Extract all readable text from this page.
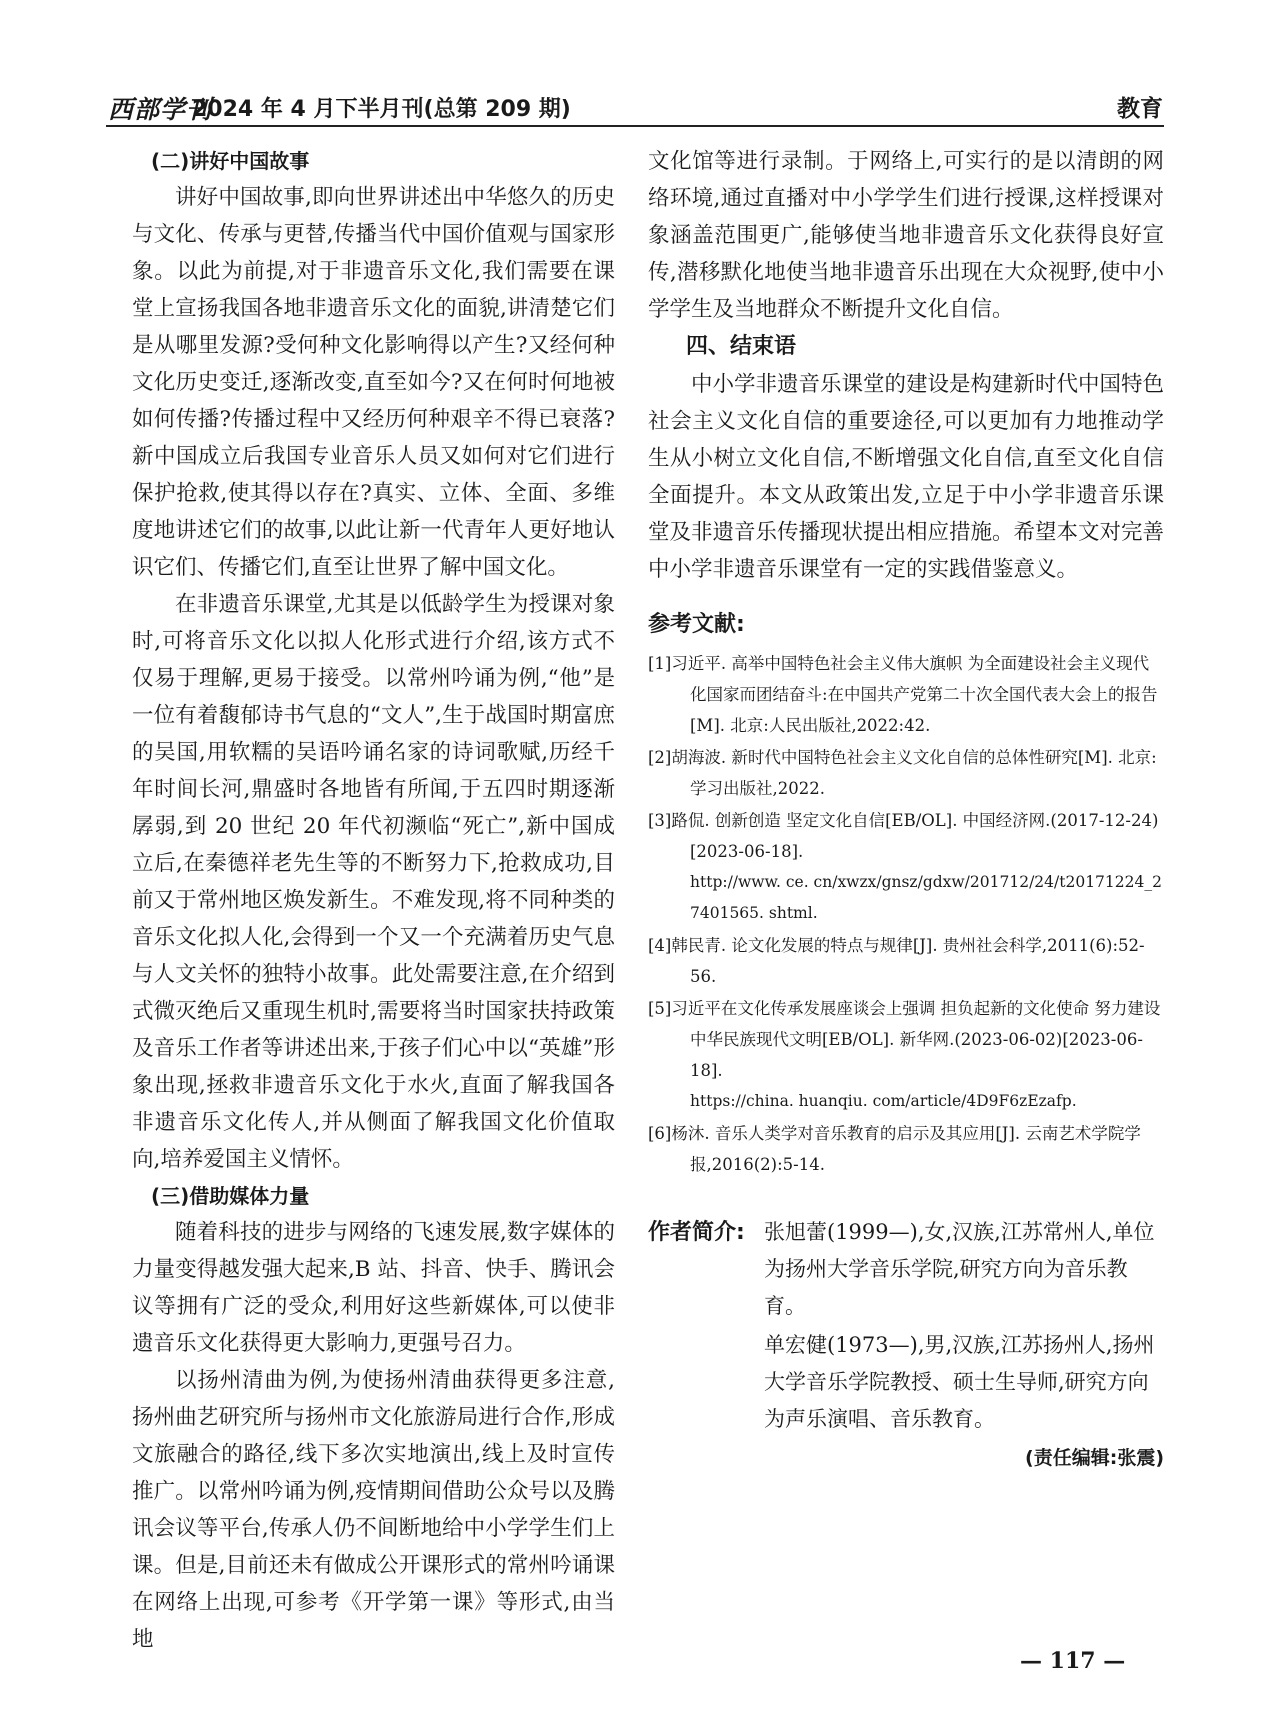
西部学刊
2024 年 4 月下半月刊(总第 209 期)	教育
(二)讲好中国故事

讲好中国故事,即向世界讲述出中华悠久的历史与文化、传承与更替,传播当代中国价值观与国家形象。以此为前提,对于非遗音乐文化,我们需要在课堂上宣扬我国各地非遗音乐文化的面貌,讲清楚它们是从哪里发源?受何种文化影响得以产生?又经何种文化历史变迁,逐渐改变,直至如今?又在何时何地被如何传播?传播过程中又经历何种艰辛不得已衰落?新中国成立后我国专业音乐人员又如何对它们进行保护抢救,使其得以存在?真实、立体、全面、多维度地讲述它们的故事,以此让新一代青年人更好地认识它们、传播它们,直至让世界了解中国文化。

在非遗音乐课堂,尤其是以低龄学生为授课对象时,可将音乐文化以拟人化形式进行介绍,该方式不仅易于理解,更易于接受。以常州吟诵为例,“他”是一位有着馥郁诗书气息的“文人”,生于战国时期富庶的吴国,用软糯的吴语吟诵名家的诗词歌赋,历经千年时间长河,鼎盛时各地皆有所闻,于五四时期逐渐孱弱,到 20 世纪 20 年代初濒临“死亡”,新中国成立后,在秦德祥老先生等的不断努力下,抢救成功,目前又于常州地区焕发新生。不难发现,将不同种类的音乐文化拟人化,会得到一个又一个充满着历史气息与人文关怀的独特小故事。此处需要注意,在介绍到式微灭绝后又重现生机时,需要将当时国家扶持政策及音乐工作者等讲述出来,于孩子们心中以“英雄”形象出现,拯救非遗音乐文化于水火,直面了解我国各非遗音乐文化传人,并从侧面了解我国文化价值取向,培养爱国主义情怀。

(三)借助媒体力量

随着科技的进步与网络的飞速发展,数字媒体的力量变得越发强大起来,B 站、抖音、快手、腾讯会议等拥有广泛的受众,利用好这些新媒体,可以使非遗音乐文化获得更大影响力,更强号召力。

以扬州清曲为例,为使扬州清曲获得更多注意,扬州曲艺研究所与扬州市文化旅游局进行合作,形成文旅融合的路径,线下多次实地演出,线上及时宣传推广。以常州吟诵为例,疫情期间借助公众号以及腾讯会议等平台,传承人仍不间断地给中小学学生们上课。但是,目前还未有做成公开课形式的常州吟诵课在网络上出现,可参考《开学第一课》等形式,由当地

文化馆等进行录制。于网络上,可实行的是以清朗的网络环境,通过直播对中小学学生们进行授课,这样授课对象涵盖范围更广,能够使当地非遗音乐文化获得良好宣传,潜移默化地使当地非遗音乐出现在大众视野,使中小学学生及当地群众不断提升文化自信。

四、结束语

中小学非遗音乐课堂的建设是构建新时代中国特色社会主义文化自信的重要途径,可以更加有力地推动学生从小树立文化自信,不断增强文化自信,直至文化自信全面提升。本文从政策出发,立足于中小学非遗音乐课堂及非遗音乐传播现状提出相应措施。希望本文对完善中小学非遗音乐课堂有一定的实践借鉴意义。

参考文献:

[1]习近平. 高举中国特色社会主义伟大旗帜 为全面建设社会主义现代化国家而团结奋斗:在中国共产党第二十次全国代表大会上的报告[M]. 北京:人民出版社,2022:42.

[2]胡海波. 新时代中国特色社会主义文化自信的总体性研究[M]. 北京:学习出版社,2022.

[3]路侃. 创新创造 坚定文化自信[EB/OL]. 中国经济网.(2017-12-24)[2023-06-18].
http://www. ce. cn/xwzx/gnsz/gdxw/201712/24/t20171224_27401565. shtml.

[4]韩民青. 论文化发展的特点与规律[J]. 贵州社会科学,2011(6):52-56.

[5]习近平在文化传承发展座谈会上强调 担负起新的文化使命 努力建设中华民族现代文明[EB/OL]. 新华网.(2023-06-02)[2023-06-18].
https://china. huanqiu. com/article/4D9F6zEzafp.

[6]杨沐. 音乐人类学对音乐教育的启示及其应用[J]. 云南艺术学院学报,2016(2):5-14.

作者简介: 张旭蕾(1999—),女,汉族,江苏常州人,单位为扬州大学音乐学院,研究方向为音乐教育。

单宏健(1973—),男,汉族,江苏扬州人,扬州大学音乐学院教授、硕士生导师,研究方向为声乐演唱、音乐教育。

(责任编辑:张震)
— 117 —
